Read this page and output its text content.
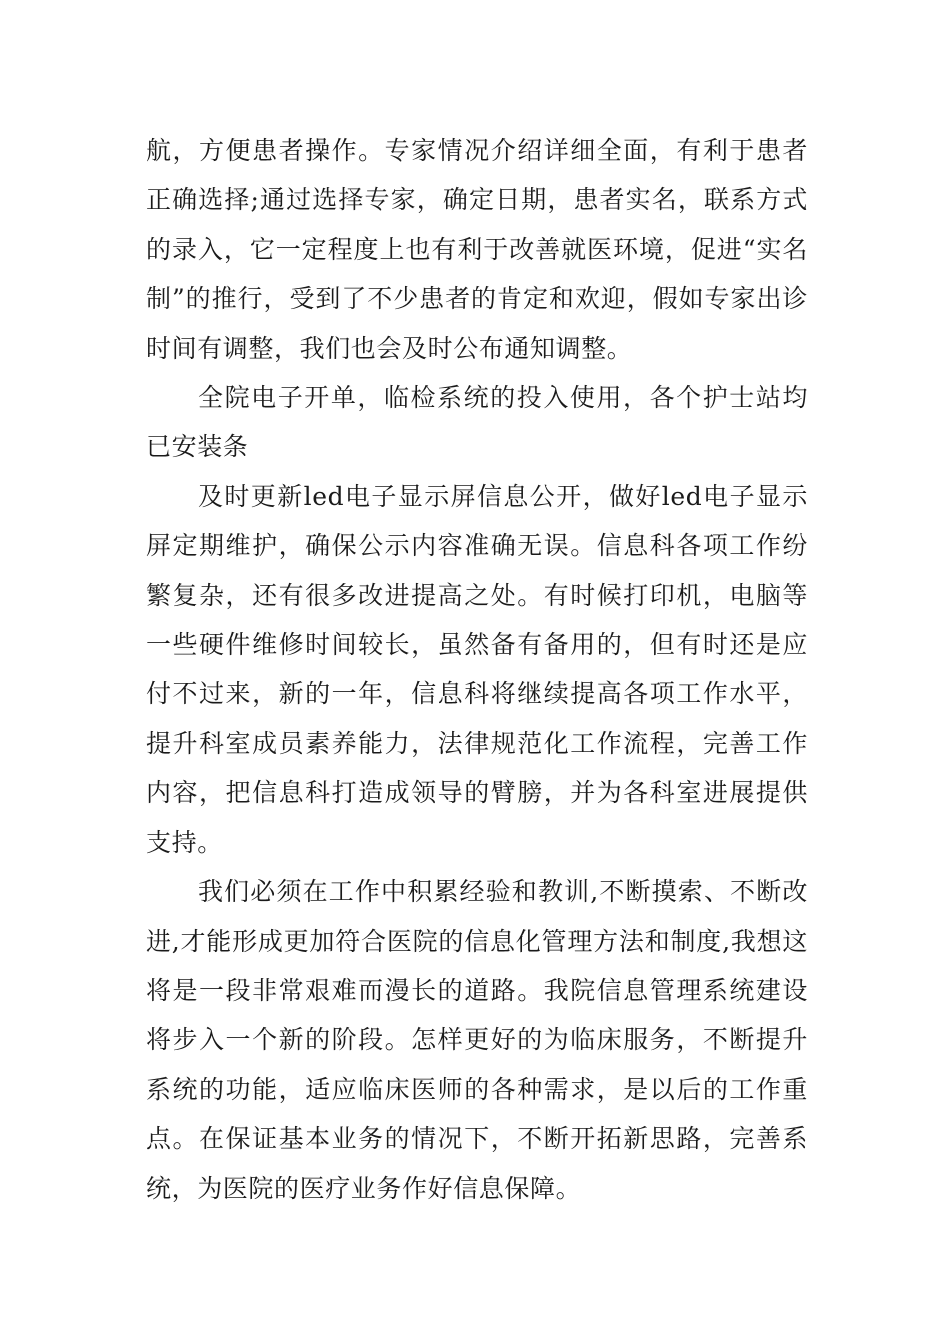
航，方便患者操作。专家情况介绍详细全面，有利于患者正确选择;通过选择专家，确定日期，患者实名，联系方式的录入，它一定程度上也有利于改善就医环境，促进“实名制”的推行，受到了不少患者的肯定和欢迎，假如专家出诊时间有调整，我们也会及时公布通知调整。

全院电子开单，临检系统的投入使用，各个护士站均已安装条

及时更新led电子显示屏信息公开，做好led电子显示屏定期维护，确保公示内容准确无误。信息科各项工作纷繁复杂，还有很多改进提高之处。有时候打印机，电脑等一些硬件维修时间较长，虽然备有备用的，但有时还是应付不过来，新的一年，信息科将继续提高各项工作水平，提升科室成员素养能力，法律规范化工作流程，完善工作内容，把信息科打造成领导的臂膀，并为各科室进展提供支持。

我们必须在工作中积累经验和教训,不断摸索、不断改进,才能形成更加符合医院的信息化管理方法和制度,我想这将是一段非常艰难而漫长的道路。我院信息管理系统建设将步入一个新的阶段。怎样更好的为临床服务，不断提升系统的功能，适应临床医师的各种需求，是以后的工作重点。在保证基本业务的情况下，不断开拓新思路，完善系统，为医院的医疗业务作好信息保障。
